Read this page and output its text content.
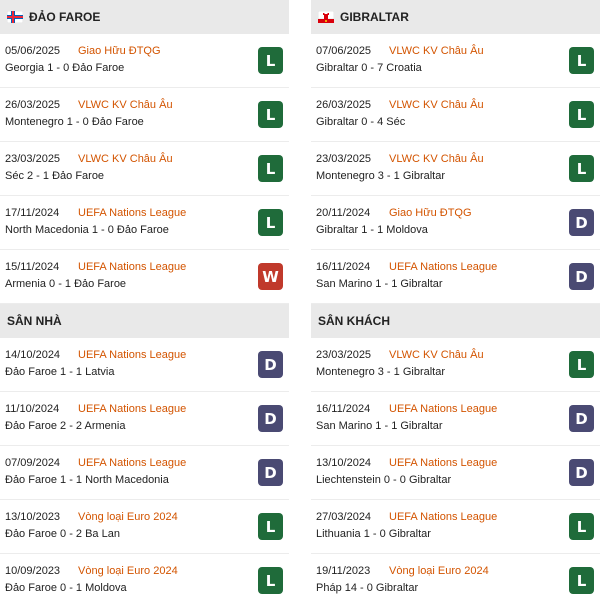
ĐẢO FAROE
05/06/2025 Giao Hữu ĐTQG
Georgia 1 - 0 Đảo Faroe	L
26/03/2025 VLWC KV Châu Âu
Montenegro 1 - 0 Đảo Faroe	L
23/03/2025 VLWC KV Châu Âu
Séc 2 - 1 Đảo Faroe	L
17/11/2024 UEFA Nations League
North Macedonia 1 - 0 Đảo Faroe	L
15/11/2024 UEFA Nations League
Armenia 0 - 1 Đảo Faroe	W
SÂN NHÀ
14/10/2024 UEFA Nations League
Đảo Faroe 1 - 1 Latvia	D
11/10/2024 UEFA Nations League
Đảo Faroe 2 - 2 Armenia	D
07/09/2024 UEFA Nations League
Đảo Faroe 1 - 1 North Macedonia	D
13/10/2023 Vòng loại Euro 2024
Đảo Faroe 0 - 2 Ba Lan	L
10/09/2023 Vòng loại Euro 2024
Đảo Faroe 0 - 1 Moldova	L
GIBRALTAR
07/06/2025 VLWC KV Châu Âu
Gibraltar 0 - 7 Croatia	L
26/03/2025 VLWC KV Châu Âu
Gibraltar 0 - 4 Séc	L
23/03/2025 VLWC KV Châu Âu
Montenegro 3 - 1 Gibraltar	L
20/11/2024 Giao Hữu ĐTQG
Gibraltar 1 - 1 Moldova	D
16/11/2024 UEFA Nations League
San Marino 1 - 1 Gibraltar	D
SÂN KHÁCH
23/03/2025 VLWC KV Châu Âu
Montenegro 3 - 1 Gibraltar	L
16/11/2024 UEFA Nations League
San Marino 1 - 1 Gibraltar	D
13/10/2024 UEFA Nations League
Liechtenstein 0 - 0 Gibraltar	D
27/03/2024 UEFA Nations League
Lithuania 1 - 0 Gibraltar	L
19/11/2023 Vòng loại Euro 2024
Pháp 14 - 0 Gibraltar	L
